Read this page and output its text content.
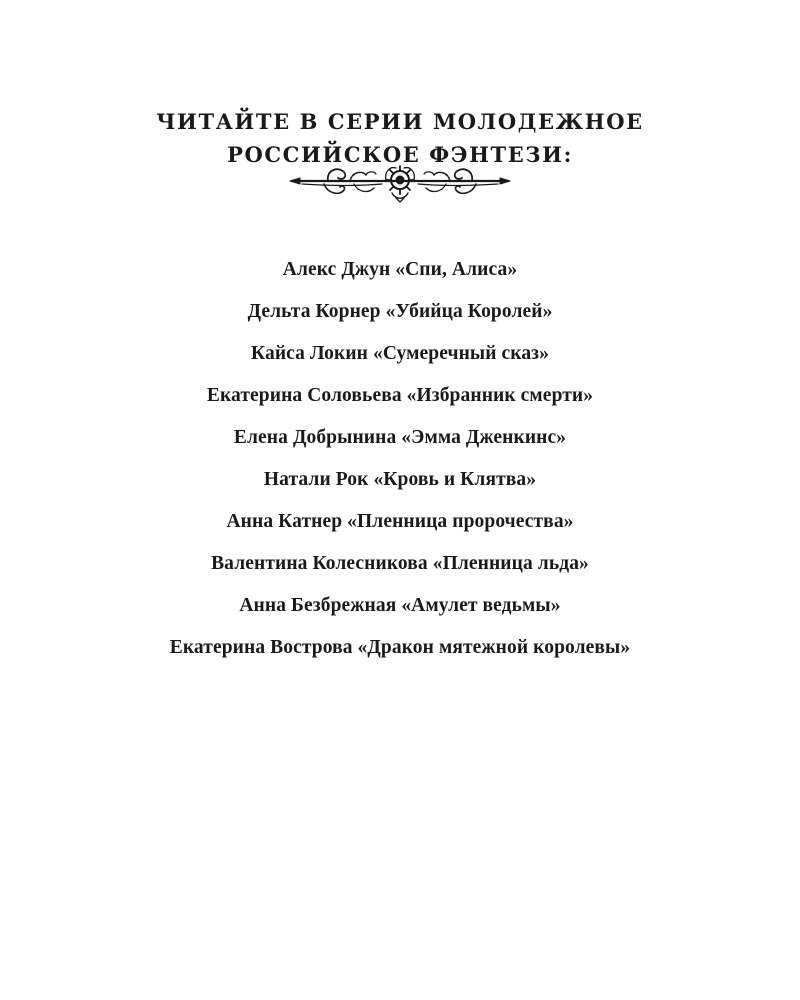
ЧИТАЙТЕ В СЕРИИ МОЛОДЕЖНОЕ
РОССИЙСКОЕ ФЭНТЕЗИ:
Алекс Джун «Спи, Алиса»
Дельта Корнер «Убийца Королей»
Кайса Локин «Сумеречный сказ»
Екатерина Соловьева «Избранник смерти»
Елена Добрынина «Эмма Дженкинс»
Натали Рок «Кровь и Клятва»
Анна Катнер «Пленница пророчества»
Валентина Колесникова «Пленница льда»
Анна Безбрежная «Амулет ведьмы»
Екатерина Вострова «Дракон мятежной королевы»
